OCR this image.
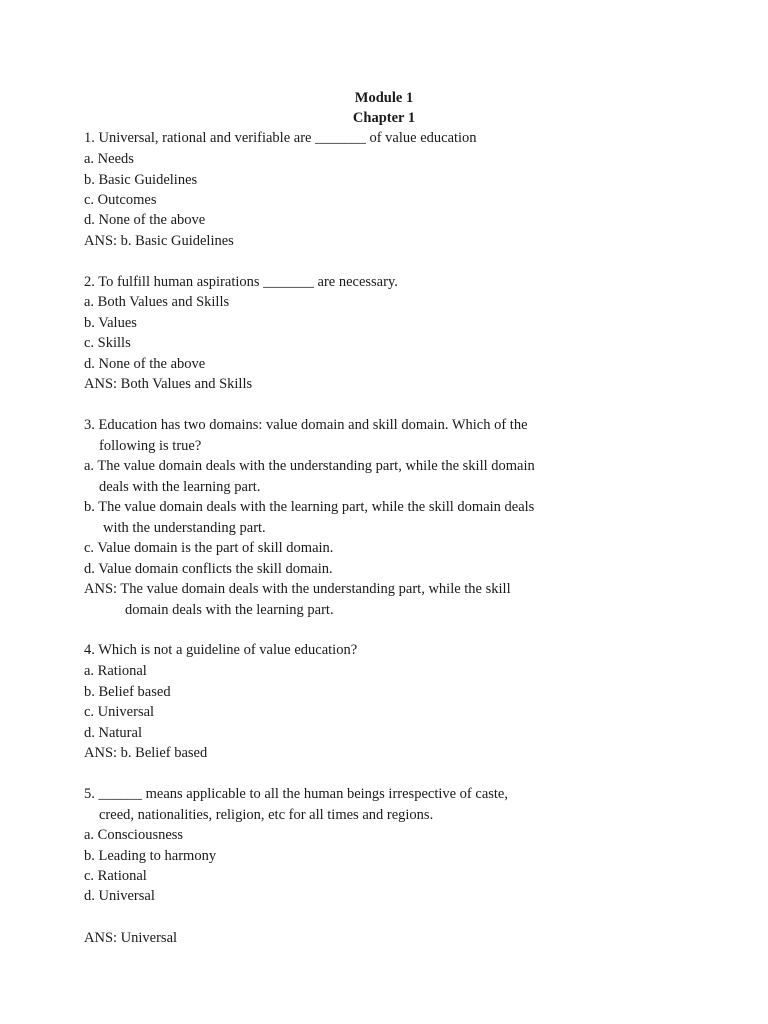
Module 1
Chapter 1
1. Universal, rational and verifiable are _______ of value education
a. Needs
b. Basic Guidelines
c. Outcomes
d. None of the above
ANS: b. Basic Guidelines
2. To fulfill human aspirations _______ are necessary.
a. Both Values and Skills
b. Values
c. Skills
d. None of the above
ANS: Both Values and Skills
3. Education has two domains: value domain and skill domain. Which of the
following is true?
a. The value domain deals with the understanding part, while the skill domain
deals with the learning part.
b. The value domain deals with the learning part, while the skill domain deals
with the understanding part.
c. Value domain is the part of skill domain.
d. Value domain conflicts the skill domain.
ANS: The value domain deals with the understanding part, while the skill
domain deals with the learning part.
4. Which is not a guideline of value education?
a. Rational
b. Belief based
c. Universal
d. Natural
ANS: b. Belief based
5. ______ means applicable to all the human beings irrespective of caste,
creed, nationalities, religion, etc for all times and regions.
a. Consciousness
b. Leading to harmony
c. Rational
d. Universal
ANS: Universal
